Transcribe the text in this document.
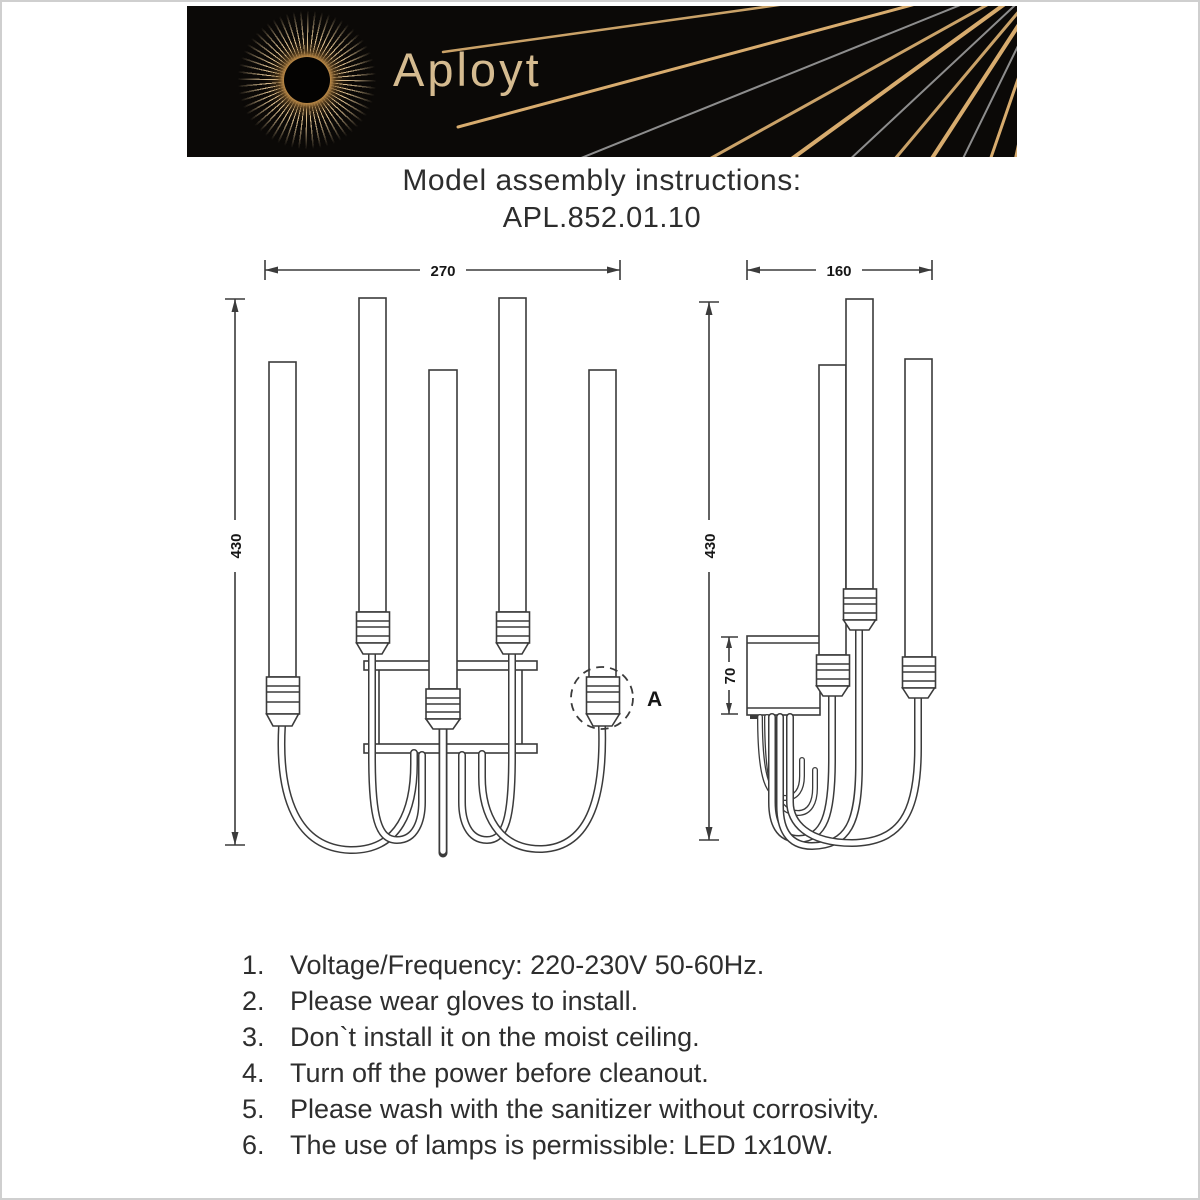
Aployt
Model assembly instructions:
APL.852.01.10
270
430
A
160
430
70
1. Voltage/Frequency: 220-230V 50-60Hz.
2. Please wear gloves to install.
3. Don`t install it on the moist ceiling.
4. Turn off the power before cleanout.
5. Please wash with the sanitizer without corrosivity.
6. The use of lamps is permissible: LED 1x10W.
